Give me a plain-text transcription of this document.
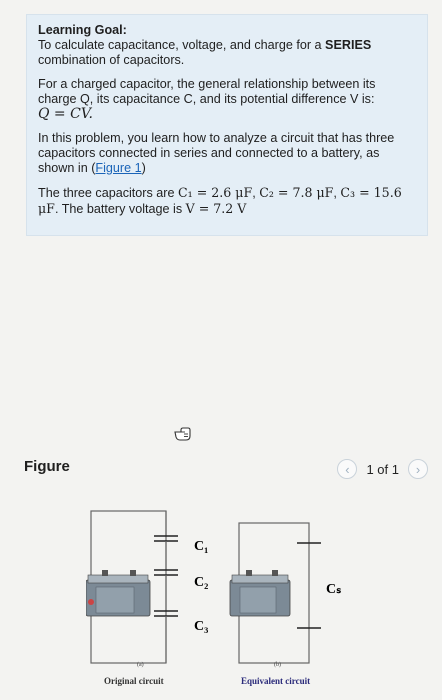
Learning Goal:
To calculate capacitance, voltage, and charge for a SERIES combination of capacitors.

For a charged capacitor, the general relationship between its charge Q, its capacitance C, and its potential difference V is:
Q = CV.

In this problem, you learn how to analyze a circuit that has three capacitors connected in series and connected to a battery, as shown in (Figure 1)

The three capacitors are C₁ = 2.6 μF, C₂ = 7.8 μF, C₃ = 15.6 μF. The battery voltage is V = 7.2 V

Figure	‹	1 of 1	›
C₁
C₂
C₃
Cₛ
(a)	(b)
Original circuit	Equivalent circuit
